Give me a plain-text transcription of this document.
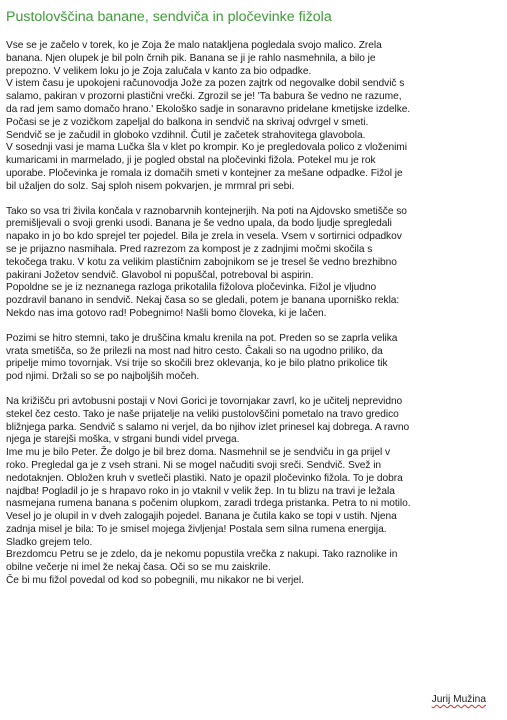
Pustolovščina banane, sendviča in pločevinke fižola

Vse se je začelo v torek, ko je Zoja že malo natakljena pogledala svojo malico. Zrela
banana. Njen olupek je bil poln črnih pik. Banana se ji je rahlo nasmehnila, a bilo je
prepozno. V velikem loku jo je Zoja zalučala v kanto za bio odpadke.
V istem času je upokojeni računovodja Jože za pozen zajtrk od negovalke dobil sendvič s
salamo, pakiran v prozorni plastični vrečki. Zgrozil se je! 'Ta babura še vedno ne razume,
da rad jem samo domačo hrano.' Ekološko sadje in sonaravno pridelane kmetijske izdelke.
Počasi se je z vozičkom zapeljal do balkona in sendvič na skrivaj odvrgel v smeti.
Sendvič se je začudil in globoko vzdihnil. Čutil je začetek strahovitega glavobola.
V sosednji vasi je mama Lučka šla v klet po krompir. Ko je pregledovala polico z vloženimi
kumaricami in marmelado, ji je pogled obstal na pločevinki fižola. Potekel mu je rok
uporabe. Pločevinka je romala iz domačih smeti v kontejner za mešane odpadke. Fižol je
bil užaljen do solz. Saj sploh nisem pokvarjen, je mrmral pri sebi.

Tako so vsa tri živila končala v raznobarvnih kontejnerjih. Na poti na Ajdovsko smetišče so
premišljevali o svoji grenki usodi. Banana je še vedno upala, da bodo ljudje spregledali
napako in jo bo kdo sprejel ter pojedel. Bila je zrela in vesela. Vsem v sortirnici odpadkov
se je prijazno nasmihala. Pred razrezom za kompost je z zadnjimi močmi skočila s
tekočega traku. V kotu za velikim plastičnim zabojnikom se je tresel še vedno brezhibno
pakirani Jožetov sendvič. Glavobol ni popuščal, potreboval bi aspirin.
Popoldne se je iz neznanega razloga prikotalila fižolova pločevinka. Fižol je vljudno
pozdravil banano in sendvič. Nekaj časa so se gledali, potem je banana uporniško rekla:
Nekdo nas ima gotovo rad! Pobegnimo! Našli bomo človeka, ki je lačen.

Pozimi se hitro stemni, tako je druščina kmalu krenila na pot. Preden so se zaprla velika
vrata smetišča, so že prilezli na most nad hitro cesto. Čakali so na ugodno priliko, da
pripelje mimo tovornjak. Vsi trije so skočili brez oklevanja, ko je bilo platno prikolice tik
pod njimi. Držali so se po najboljših močeh.

Na križišču pri avtobusni postaji v Novi Gorici je tovornjakar zavrl, ko je učitelj neprevidno
stekel čez cesto. Tako je naše prijateljе na veliki pustolovščini pometalo na travo gredico
bližnjega parka. Sendvič s salamo ni verjel, da bo njihov izlet prinesel kaj dobrega. A ravno
njega je starejši moškа, v strgani bundi videl prvega.
Ime mu je bilo Peter. Že dolgo je bil brez doma. Nasmehnil se je sendviču in ga prijel v
roko. Pregledal ga je z vseh strani. Ni se mogel načuditi svoji sreči. Sendvič. Svež in
nedotaknjen. Obložen kruh v svetleči plastiki. Nato je opazil pločevinko fižola. To je dobra
najdba! Pogladil jo je s hrapavo roko in jo vtaknil v velik žep. In tu blizu na travi je ležala
nasmejana rumena banana s počenim olupkom, zaradi trdega pristanka. Petra to ni motilo.
Vesel jo je olupil in v dveh zalogajih pojedel. Banana je čutila kako se topi v ustih. Njena
zadnja misel je bila: To je smisel mojega življenja! Postala sem silna rumena energija.
Sladko grejem telo.
Brezdomcu Petru se je zdelo, da je nekomu popustila vrečka z nakupi. Tako raznolike in
obilne večerje ni imel že nekaj časa. Oči so se mu zaiskrile.
Če bi mu fižol povedal od kod so pobegnili, mu nikakor ne bi verjel.

Jurij Mužina
